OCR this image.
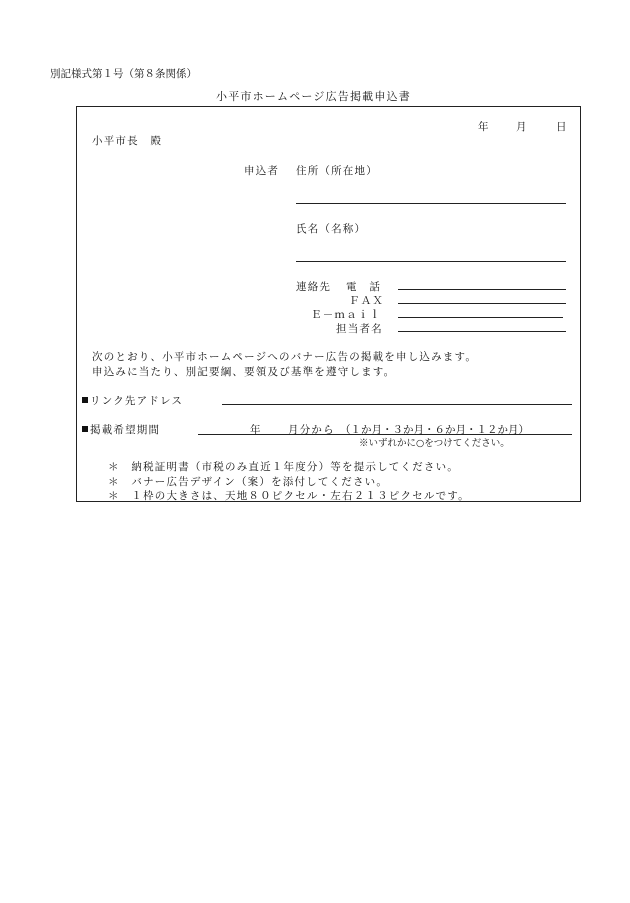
別記様式第１号（第８条関係）
小平市ホームページ広告掲載申込書
年	月	日
小平市長　殿
申込者 住所（所在地）
氏名（名称）
連絡先 電　話
ＦＡＸ
Ｅ－ｍａｉｌ
担当者名
次のとおり、小平市ホームページへのバナー広告の掲載を申し込みます。
申込みに当たり、別記要綱、要領及び基準を遵守します。
リンク先アドレス
掲載希望期間	年	月分から （１か月・３か月・６か月・１２か月）
※いずれかに○をつけてください。
＊　納税証明書（市税のみ直近１年度分）等を提示してください。
＊　バナー広告デザイン（案）を添付してください。
＊　１枠の大きさは、天地８０ピクセル・左右２１３ピクセルです。
